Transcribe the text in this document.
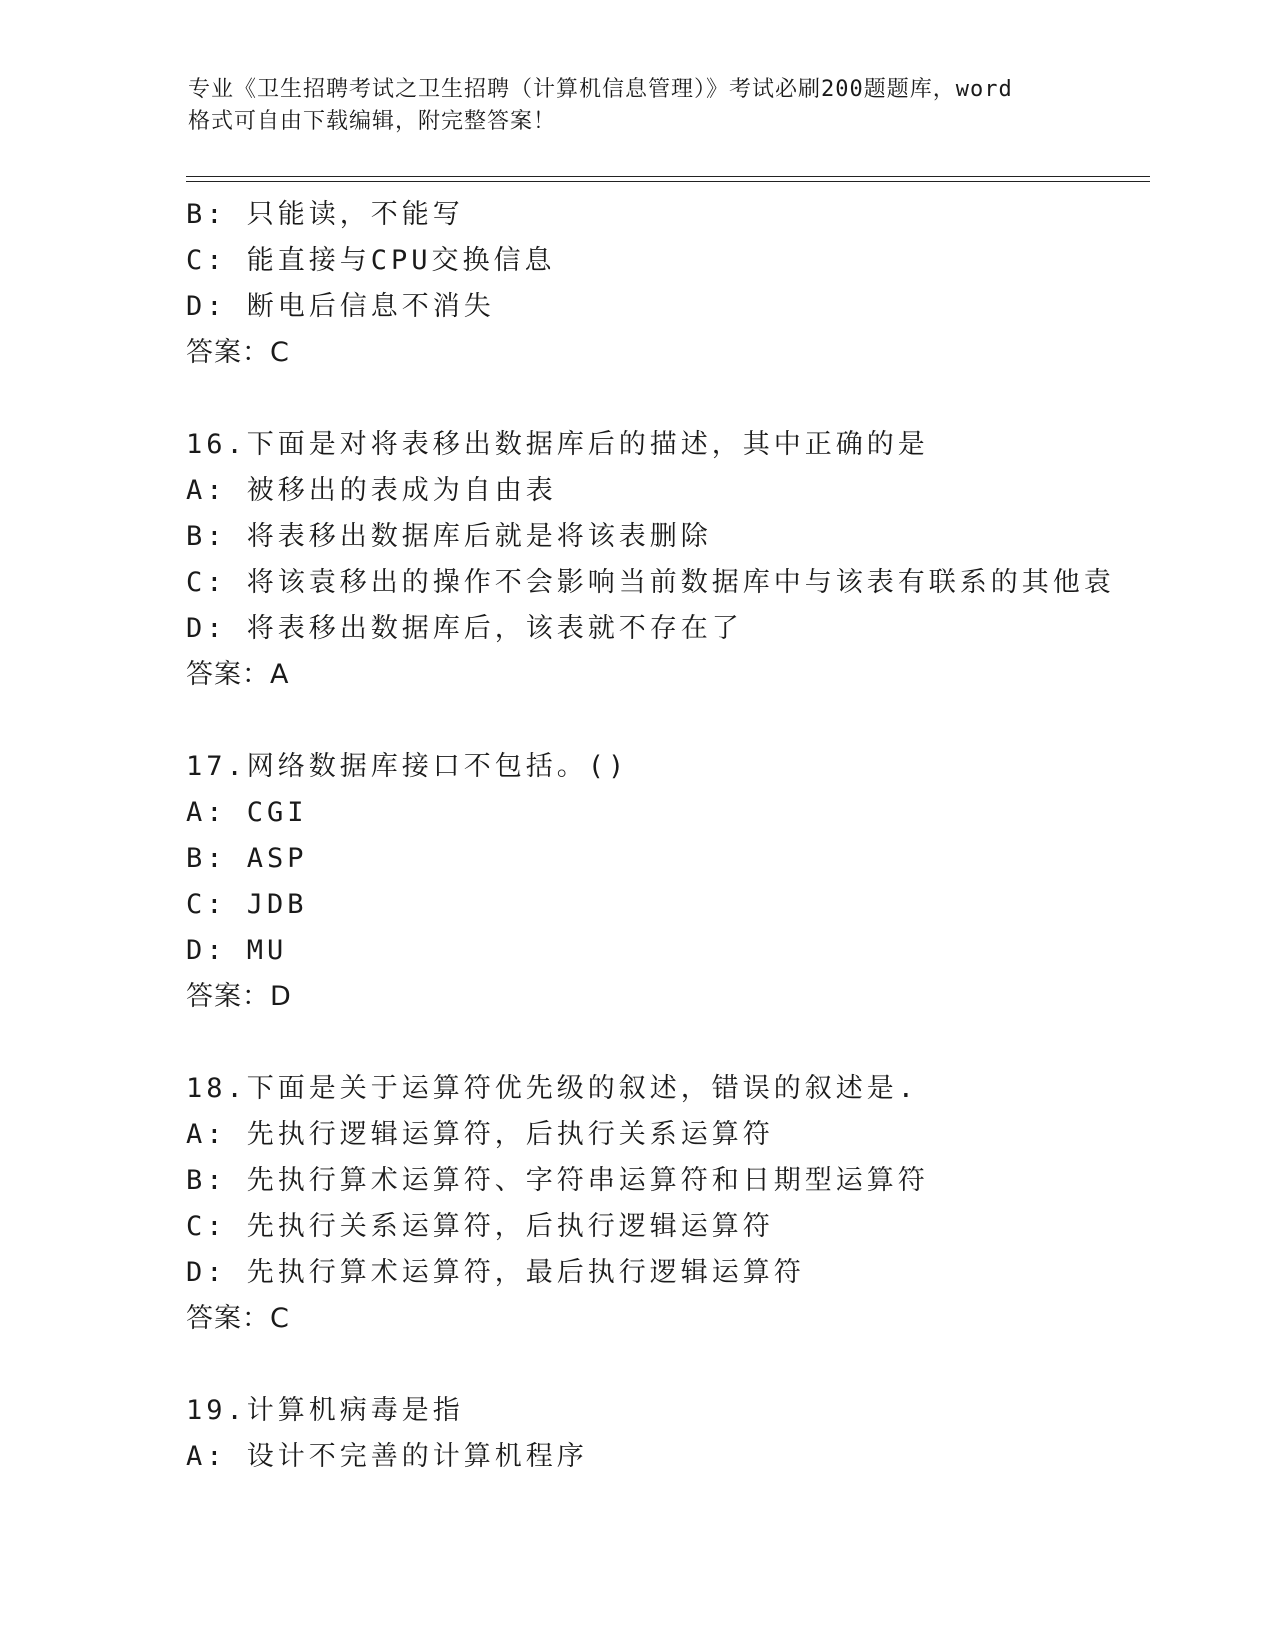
专业《卫生招聘考试之卫生招聘（计算机信息管理）》考试必刷200题题库，word
格式可自由下载编辑，附完整答案！
B: 只能读，不能写
C: 能直接与CPU交换信息
D: 断电后信息不消失
答案：C
16.下面是对将表移出数据库后的描述，其中正确的是
A: 被移出的表成为自由表
B: 将表移出数据库后就是将该表删除
C: 将该袁移出的操作不会影响当前数据库中与该表有联系的其他袁
D: 将表移出数据库后，该表就不存在了
答案：A
17.网络数据库接口不包括。()
A: CGI
B: ASP
C: JDB
D: MU
答案：D
18.下面是关于运算符优先级的叙述，错误的叙述是.
A: 先执行逻辑运算符，后执行关系运算符
B: 先执行算术运算符、字符串运算符和日期型运算符
C: 先执行关系运算符，后执行逻辑运算符
D: 先执行算术运算符，最后执行逻辑运算符
答案：C
19.计算机病毒是指
A: 设计不完善的计算机程序
